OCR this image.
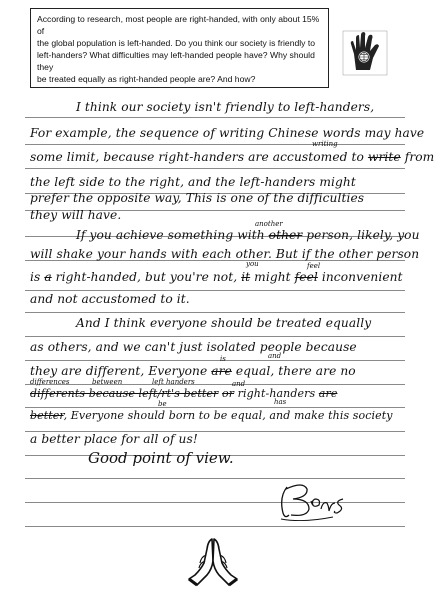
According to research, most people are right-handed, with only about 15% of
the global population is left-handed. Do you think our society is friendly to
left-handers? What difficulties may left-handed people have? Why should they
be treated equally as right-handed people are? And how?
I think our society isn't friendly to left-handers,
For example, the sequence of writing Chinese words may have
some limit, because right-handers are accustomed to write from
writing
the left side to the right, and the left-handers might
prefer the opposite way, This is one of the difficulties
they will have.
another
If you achieve something with other person, likely, you
will shake your hands with each other. But if the other person
you	feel
is a right-handed, but you're not, it might feel inconvenient
and not accustomed to it.
And I think everyone should be treated equally
as others, and we can't just isolated people because
is	and
they are different, Everyone are equal, there are no
differences	between	left handers	and
differents because left/rt's better or right-handers are
be	has
better, Everyone should born to be equal, and make this society
a better place for all of us!
Good point of view.
